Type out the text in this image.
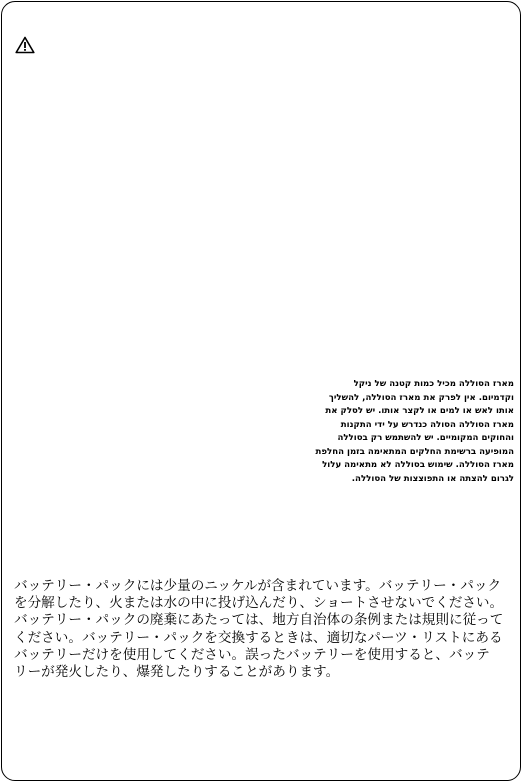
מארז הסוללה מכיל כמות קטנה של ניקל
וקדמיום. אין לפרק את מארז הסוללה, להשליך
אותו לאש או למים או לקצר אותו. יש לסלק את
מארז הסוללה הסולה כנדרש על ידי התקנות
והחוקים המקומיים. יש להשתמש רק בסוללה
המופיעה ברשימת החלקים המתאימה בזמן החלפת
מארז הסוללה. שימוש בסוללה לא מתאימה עלול
לגרום להצתה או התפוצצות של הסוללה.
バッテリー・パックには少量のニッケルが含まれています。バッテリー・パック
を分解したり、火または水の中に投げ込んだり、ショートさせないでください。
バッテリー・パックの廃棄にあたっては、地方自治体の条例または規則に従って
ください。バッテリー・パックを交換するときは、適切なパーツ・リストにある
バッテリーだけを使用してください。誤ったバッテリーを使用すると、バッテ
リーが発火したり、爆発したりすることがあります。
